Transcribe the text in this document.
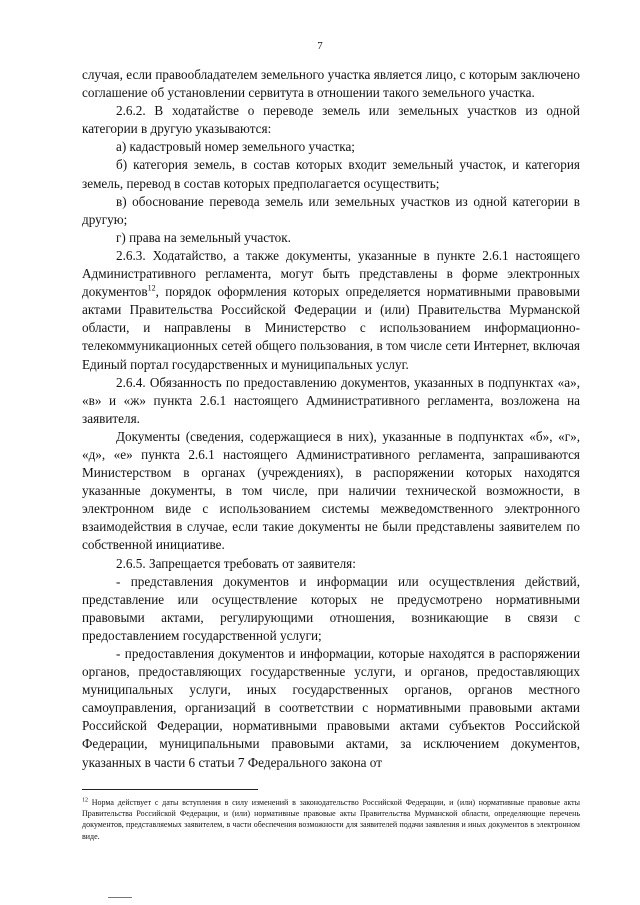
7

случая, если правообладателем земельного участка является лицо, с которым заключено соглашение об установлении сервитута в отношении такого земельного участка.

2.6.2. В ходатайстве о переводе земель или земельных участков из одной категории в другую указываются:

а) кадастровый номер земельного участка;

б) категория земель, в состав которых входит земельный участок, и категория земель, перевод в состав которых предполагается осуществить;

в) обоснование перевода земель или земельных участков из одной категории в другую;

г) права на земельный участок.

2.6.3. Ходатайство, а также документы, указанные в пункте 2.6.1 настоящего Административного регламента, могут быть представлены в форме электронных документов$^{12}$, порядок оформления которых определяется нормативными правовыми актами Правительства Российской Федерации и (или) Правительства Мурманской области, и направлены в Министерство с использованием информационно-телекоммуникационных сетей общего пользования, в том числе сети Интернет, включая Единый портал государственных и муниципальных услуг.

2.6.4. Обязанность по предоставлению документов, указанных в подпунктах «а», «в» и «ж» пункта 2.6.1 настоящего Административного регламента, возложена на заявителя.

Документы (сведения, содержащиеся в них), указанные в подпунктах «б», «г», «д», «е» пункта 2.6.1 настоящего Административного регламента, запрашиваются Министерством в органах (учреждениях), в распоряжении которых находятся указанные документы, в том числе, при наличии технической возможности, в электронном виде с использованием системы межведомственного электронного взаимодействия в случае, если такие документы не были представлены заявителем по собственной инициативе.

2.6.5. Запрещается требовать от заявителя:

- представления документов и информации или осуществления действий, представление или осуществление которых не предусмотрено нормативными правовыми актами, регулирующими отношения, возникающие в связи с предоставлением государственной услуги;

- предоставления документов и информации, которые находятся в распоряжении органов, предоставляющих государственные услуги, и органов, предоставляющих муниципальных услуги, иных государственных органов, органов местного самоуправления, организаций в соответствии с нормативными правовыми актами Российской Федерации, нормативными правовыми актами субъектов Российской Федерации, муниципальными правовыми актами, за исключением документов, указанных в части 6 статьи 7 Федерального закона от

$^{12}$ Норма действует с даты вступления в силу изменений в законодательство Российской Федерации, и (или) нормативные правовые акты Правительства Российской Федерации, и (или) нормативные правовые акты Правительства Мурманской области, определяющие перечень документов, представляемых заявителем, в части обеспечения возможности для заявителей подачи заявления и иных документов в электронном виде.
